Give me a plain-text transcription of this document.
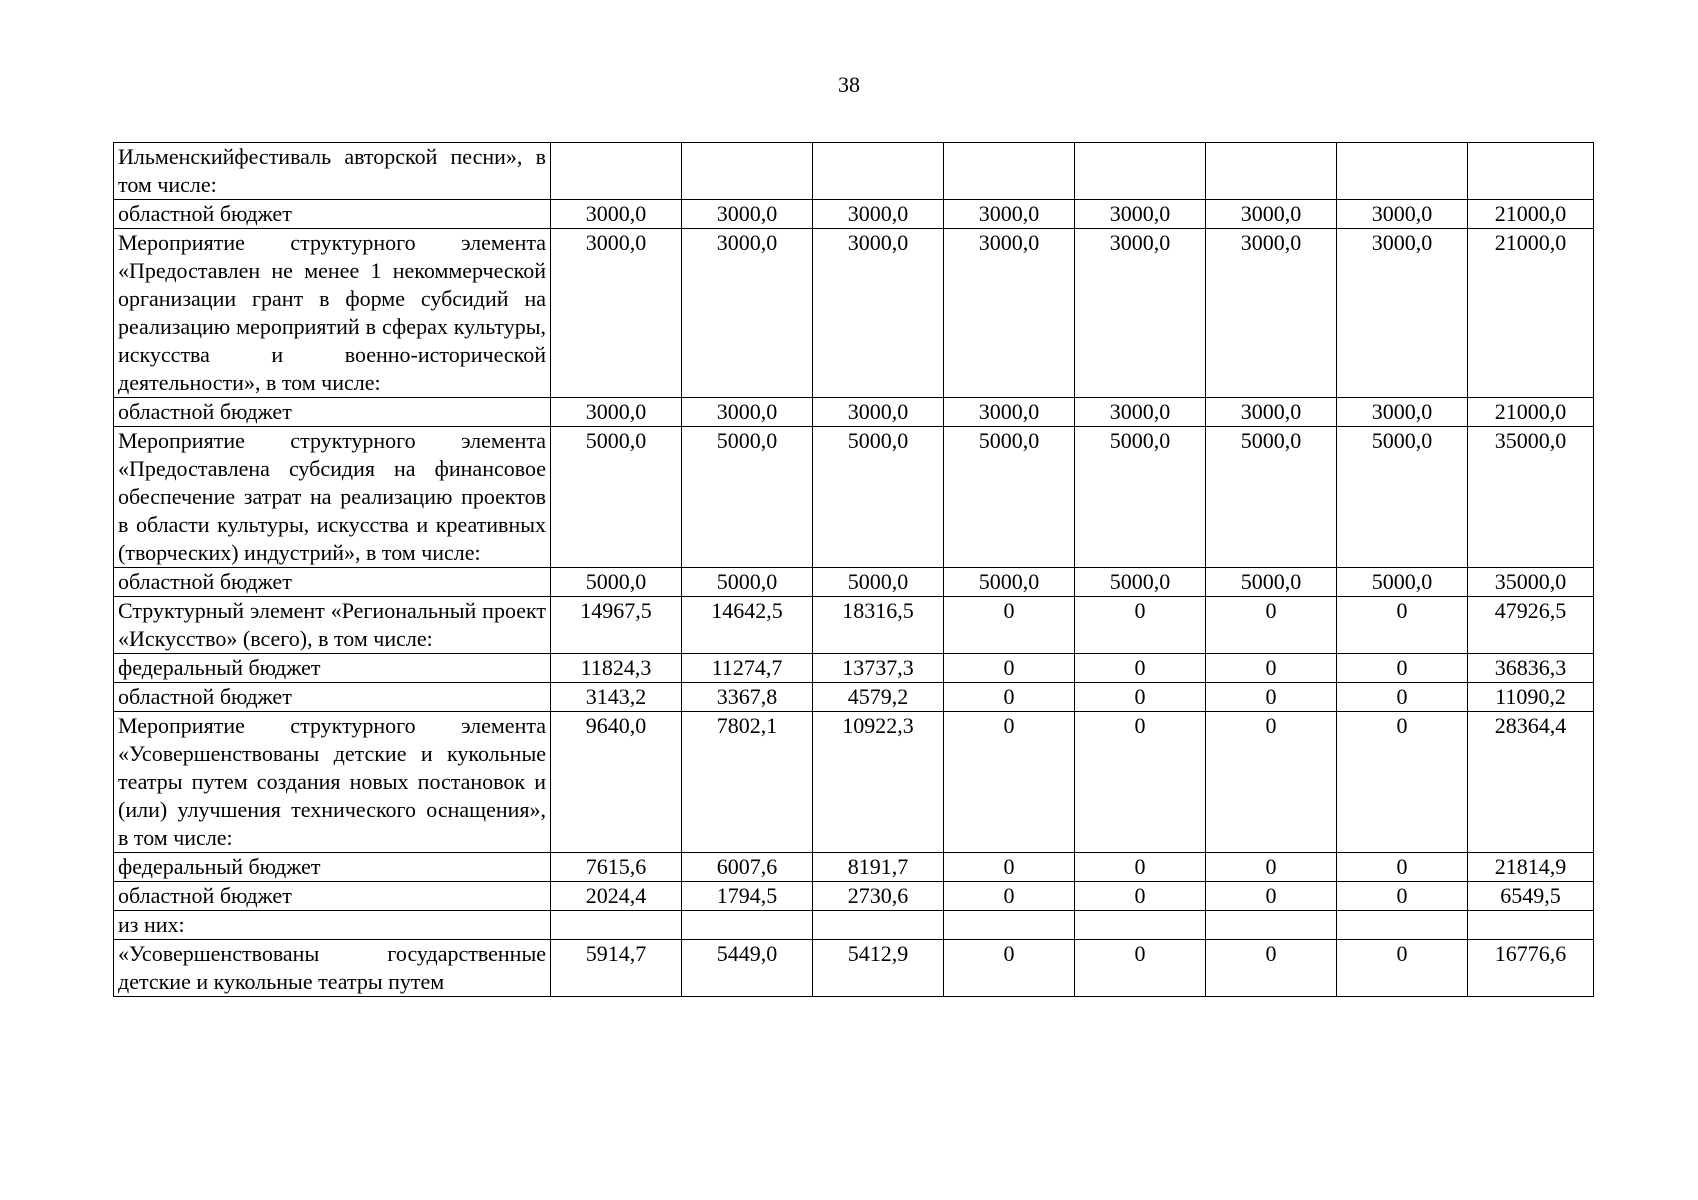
38
Ильменскийфестиваль авторской песни», в том числе:								
областной бюджет	3000,0	3000,0	3000,0	3000,0	3000,0	3000,0	3000,0	21000,0
Мероприятие структурного элемента «Предоставлен не менее 1 некоммерческой организации грант в форме субсидий на реализацию мероприятий в сферах культуры, искусства и военно-исторической деятельности», в том числе:	3000,0	3000,0	3000,0	3000,0	3000,0	3000,0	3000,0	21000,0
областной бюджет	3000,0	3000,0	3000,0	3000,0	3000,0	3000,0	3000,0	21000,0
Мероприятие структурного элемента «Предоставлена субсидия на финансовое обеспечение затрат на реализацию проектов в области культуры, искусства и креативных (творческих) индустрий», в том числе:	5000,0	5000,0	5000,0	5000,0	5000,0	5000,0	5000,0	35000,0
областной бюджет	5000,0	5000,0	5000,0	5000,0	5000,0	5000,0	5000,0	35000,0
Структурный элемент «Региональный проект «Искусство» (всего), в том числе:	14967,5	14642,5	18316,5	0	0	0	0	47926,5
федеральный бюджет	11824,3	11274,7	13737,3	0	0	0	0	36836,3
областной бюджет	3143,2	3367,8	4579,2	0	0	0	0	11090,2
Мероприятие структурного элемента «Усовершенствованы детские и кукольные театры путем создания новых постановок и (или) улучшения технического оснащения», в том числе:	9640,0	7802,1	10922,3	0	0	0	0	28364,4
федеральный бюджет	7615,6	6007,6	8191,7	0	0	0	0	21814,9
областной бюджет	2024,4	1794,5	2730,6	0	0	0	0	6549,5
из них:								
«Усовершенствованы государственные детские и кукольные театры путем	5914,7	5449,0	5412,9	0	0	0	0	16776,6
